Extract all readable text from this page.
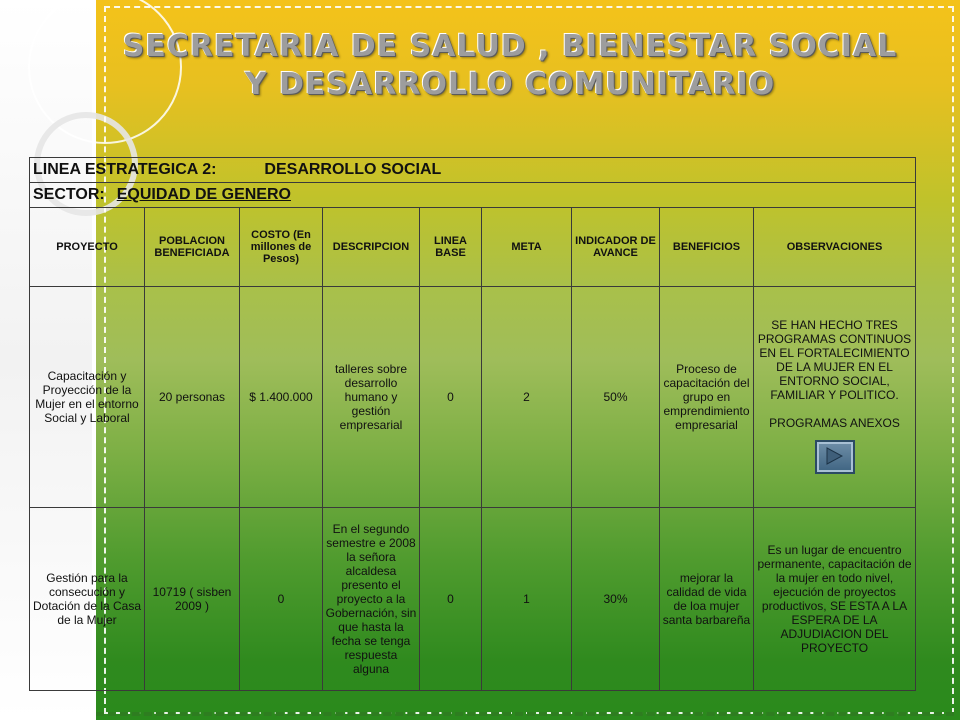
SECRETARIA DE SALUD , BIENESTAR SOCIAL
Y DESARROLLO COMUNITARIO
LINEA ESTRATEGICA 2: DESARROLLO SOCIAL								
SECTOR: EQUIDAD DE GENERO								
PROYECTO	POBLACION BENEFICIADA	COSTO (En millones de Pesos)	DESCRIPCION	LINEA BASE	META	INDICADOR DE AVANCE	BENEFICIOS	OBSERVACIONES
Capacitación y Proyección de la Mujer en el entorno Social y Laboral	20 personas	$ 1.400.000	talleres sobre desarrollo humano y gestión empresarial	0	2	50%	Proceso de capacitación del grupo en emprendimiento empresarial	SE HAN HECHO TRES PROGRAMAS CONTINUOS EN EL FORTALECIMIENTO DE LA MUJER EN EL ENTORNO SOCIAL, FAMILIAR Y POLITICO.
PROGRAMAS ANEXOS

Gestión para la consecución y Dotación de la Casa de la Mujer	10719 ( sisben 2009 )	0	En el segundo semestre e 2008 la señora alcaldesa presento el proyecto a la Gobernación, sin que hasta la fecha se tenga respuesta alguna	0	1	30%	mejorar la calidad de vida de loa mujer santa barbareña	Es un lugar de encuentro permanente, capacitación de la mujer en todo nivel, ejecución de proyectos productivos, SE ESTA A LA ESPERA DE LA ADJUDIACION DEL PROYECTO
